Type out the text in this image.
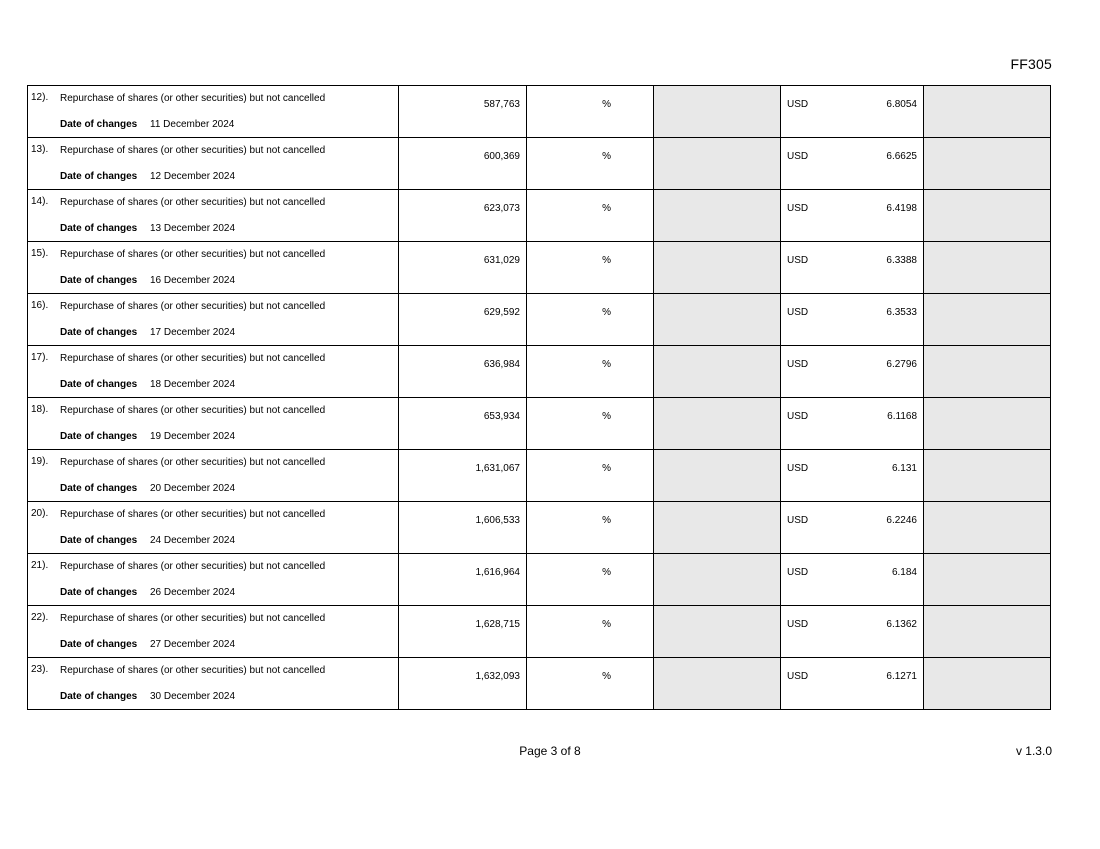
FF305
12). Repurchase of shares (or other securities) but not cancelled
Date of changes 11 December 2024	587,763	%		USD 6.8054	

13). Repurchase of shares (or other securities) but not cancelled
Date of changes 12 December 2024	600,369	%		USD 6.6625	

14). Repurchase of shares (or other securities) but not cancelled
Date of changes 13 December 2024	623,073	%		USD 6.4198	

15). Repurchase of shares (or other securities) but not cancelled
Date of changes 16 December 2024	631,029	%		USD 6.3388	

16). Repurchase of shares (or other securities) but not cancelled
Date of changes 17 December 2024	629,592	%		USD 6.3533	

17). Repurchase of shares (or other securities) but not cancelled
Date of changes 18 December 2024	636,984	%		USD 6.2796	

18). Repurchase of shares (or other securities) but not cancelled
Date of changes 19 December 2024	653,934	%		USD 6.1168	

19). Repurchase of shares (or other securities) but not cancelled
Date of changes 20 December 2024	1,631,067	%		USD 6.131	

20). Repurchase of shares (or other securities) but not cancelled
Date of changes 24 December 2024	1,606,533	%		USD 6.2246	

21). Repurchase of shares (or other securities) but not cancelled
Date of changes 26 December 2024	1,616,964	%		USD 6.184	

22). Repurchase of shares (or other securities) but not cancelled
Date of changes 27 December 2024	1,628,715	%		USD 6.1362	

23). Repurchase of shares (or other securities) but not cancelled
Date of changes 30 December 2024	1,632,093	%		USD 6.1271	

Page 3 of 8	v 1.3.0
